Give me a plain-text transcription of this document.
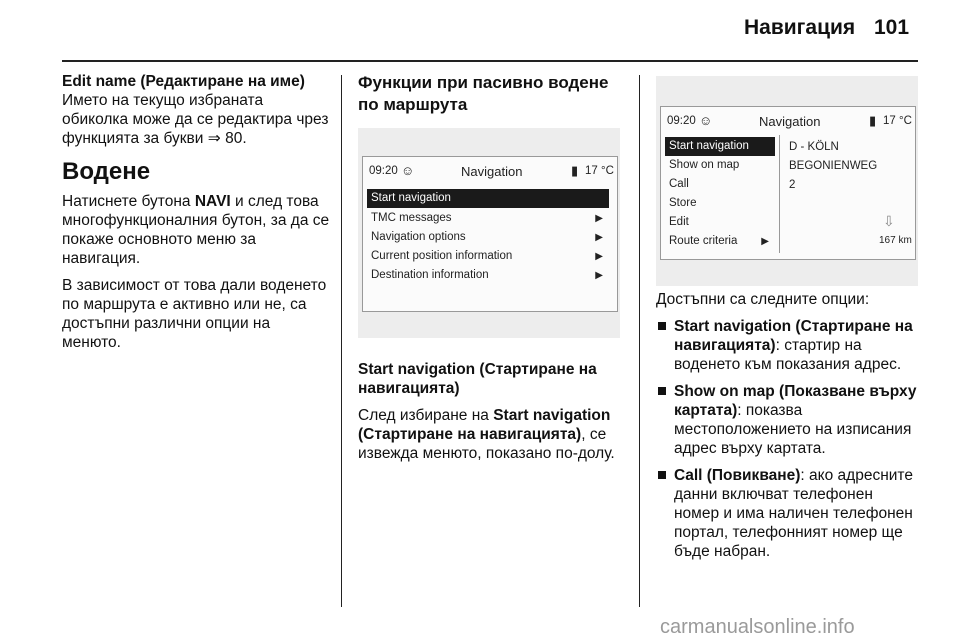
Навигация 101

Edit name (Редактиране на име)
Името на текущо избраната обиколка може да се редактира чрез функцията за букви ⇒ 80.

Водене

Натиснете бутона NAVI и след това многофункционалния бутон, за да се покаже основното меню за навигация.

В зависимост от това дали воденето по маршрута е активно или не, са достъпни различни опции на менюто.

Функции при пасивно водене по маршрута
09:20 ☺	Navigation	▮ 17 °C
Start navigation
TMC messages	▶
Navigation options	▶
Current position information	▶
Destination information	▶

Start navigation (Стартиране на навигацията)

След избиране на Start navigation (Стартиране на навигацията), се извежда менюто, показано по-долу.

09:20 ☺	Navigation	▮ 17 °C
Start navigation
Show on map
Call
Store
Edit
Route criteria ▶
D - KÖLN
BEGONIENWEG
2
⇩
167 km

Достъпни са следните опции:

Start navigation (Стартиране на навигацията): стартир на воденето към показания адрес.
Show on map (Показване върху картата): показва местоположението на изписания адрес върху картата.
Call (Повикване): ако адресните данни включват телефонен номер и има наличен телефонен портал, телефонният номер ще бъде набран.
carmanualsonline.info
